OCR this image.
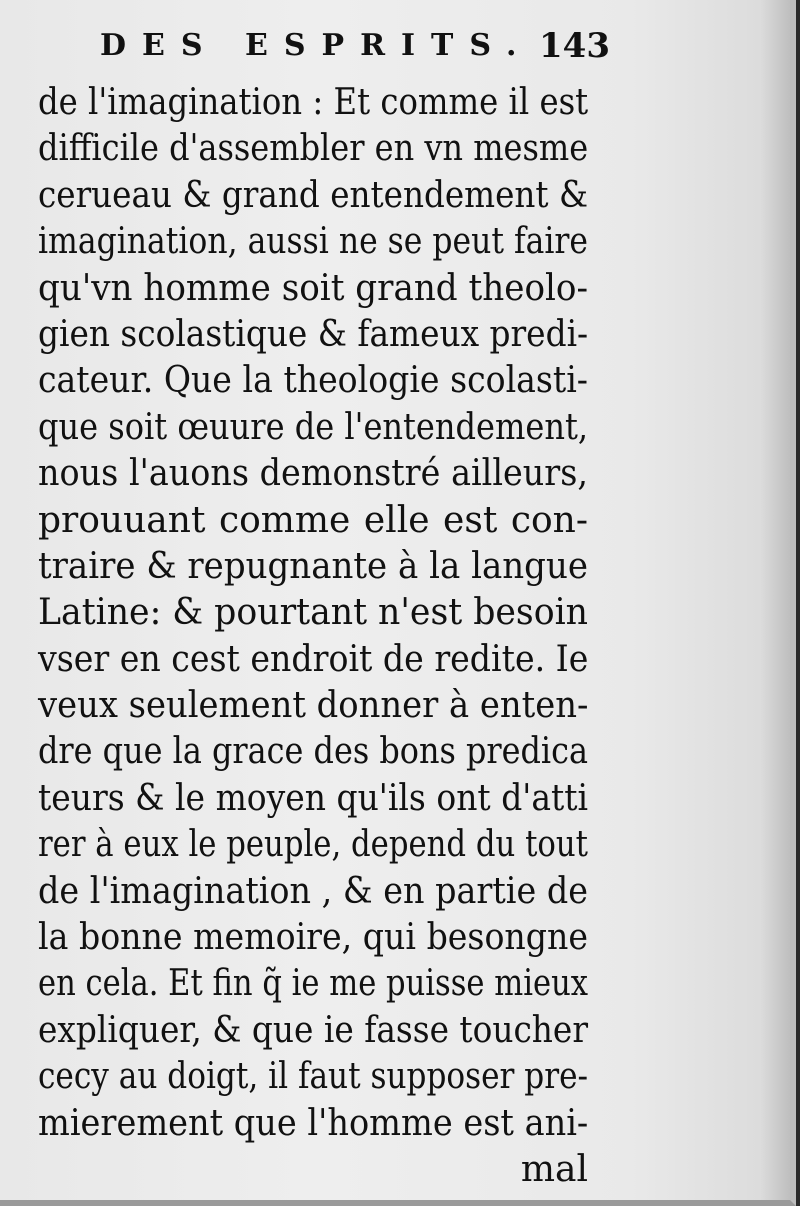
DES ESPRITS. 143
de l'imagination : Et comme il est
difficile d'assembler en vn mesme
cerueau & grand entendement &
imagination, aussi ne se peut faire
qu'vn homme soit grand theolo-
gien scolastique & fameux predi-
cateur. Que la theologie scolasti-
que soit œuure de l'entendement,
nous l'auons demonstré ailleurs,
prouuant comme elle est con-
traire & repugnante à la langue
Latine: & pourtant n'est besoin
vser en cest endroit de redite. Ie
veux seulement donner à enten-
dre que la grace des bons predica
teurs & le moyen qu'ils ont d'atti
rer à eux le peuple, depend du tout
de l'imagination , & en partie de
la bonne memoire, qui besongne
en cela. Et fin q̃ ie me puisse mieux
expliquer, & que ie fasse toucher
cecy au doigt, il faut supposer pre-
mierement que l'homme est ani-
mal
